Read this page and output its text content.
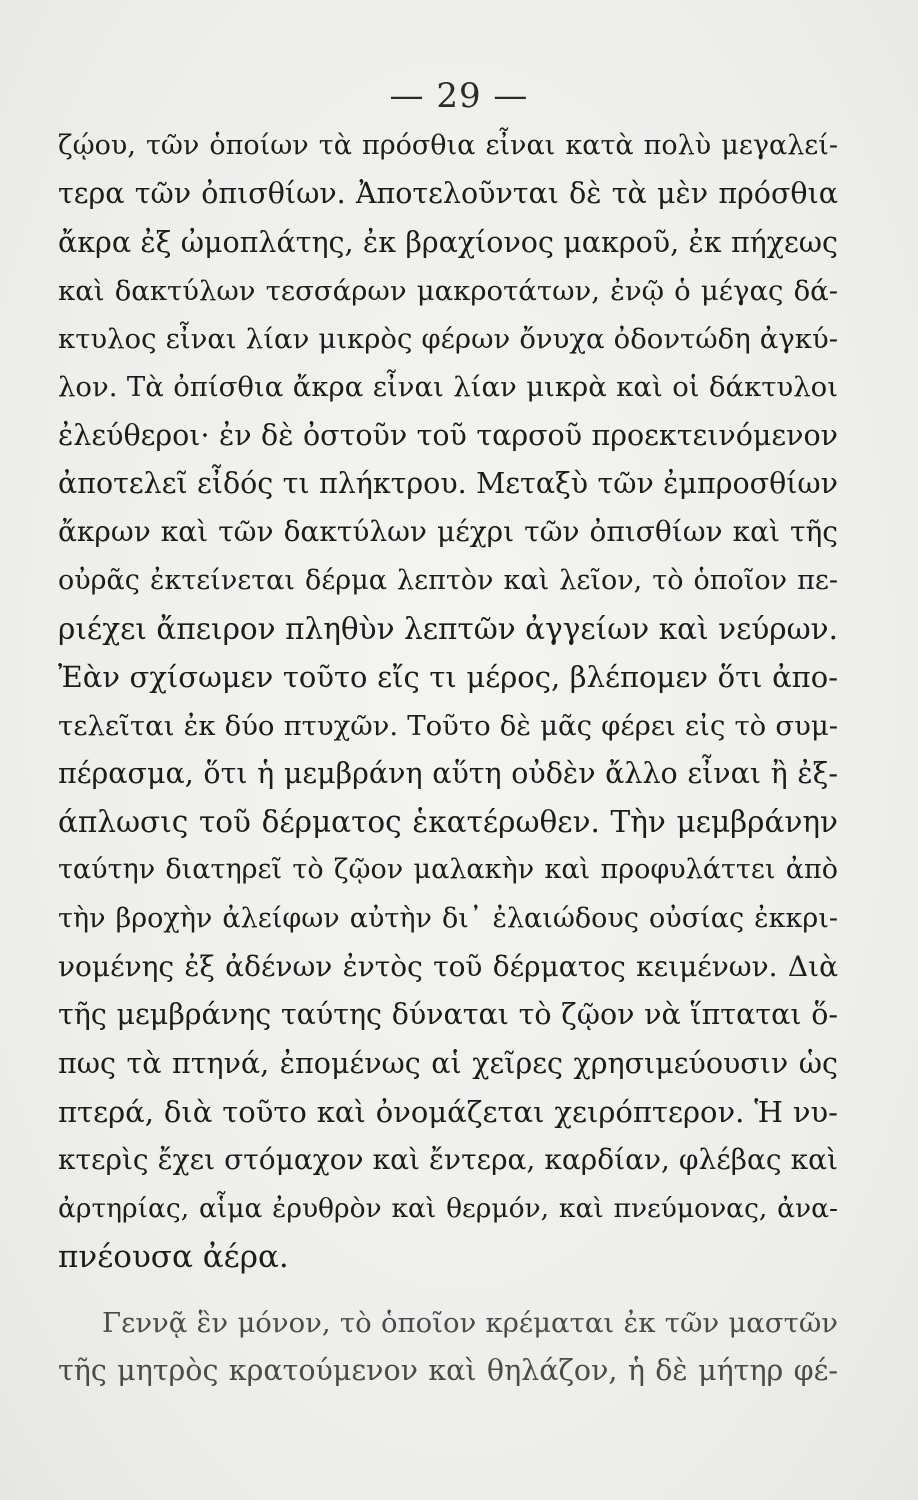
— 29 —
ζῴου, τῶν ὁποίων τὰ πρόσθια εἶναι κατὰ πολὺ μεγαλεί-
τερα τῶν ὀπισθίων. Ἀποτελοῦνται δὲ τὰ μὲν πρόσθια
ἄκρα ἐξ ὠμοπλάτης, ἐκ βραχίονος μακροῦ, ἐκ πήχεως
καὶ δακτύλων τεσσάρων μακροτάτων, ἐνῷ ὁ μέγας δά-
κτυλος εἶναι λίαν μικρὸς φέρων ὄνυχα ὀδοντώδη ἀγκύ-
λον. Τὰ ὀπίσθια ἄκρα εἶναι λίαν μικρὰ καὶ οἱ δάκτυλοι
ἐλεύθεροι· ἐν δὲ ὀστοῦν τοῦ ταρσοῦ προεκτεινόμενον
ἀποτελεῖ εἶδός τι πλήκτρου. Μεταξὺ τῶν ἐμπροσθίων
ἄκρων καὶ τῶν δακτύλων μέχρι τῶν ὀπισθίων καὶ τῆς
οὐρᾶς ἐκτείνεται δέρμα λεπτὸν καὶ λεῖον, τὸ ὁποῖον πε-
ριέχει ἄπειρον πληθὺν λεπτῶν ἀγγείων καὶ νεύρων.
Ἐὰν σχίσωμεν τοῦτο εἴς τι μέρος, βλέπομεν ὅτι ἀπο-
τελεῖται ἐκ δύο πτυχῶν. Τοῦτο δὲ μᾶς φέρει εἰς τὸ συμ-
πέρασμα, ὅτι ἡ μεμβράνη αὕτη οὐδὲν ἄλλο εἶναι ἢ ἐξ-
άπλωσις τοῦ δέρματος ἑκατέρωθεν. Τὴν μεμβράνην
ταύτην διατηρεῖ τὸ ζῷον μαλακὴν καὶ προφυλάττει ἀπὸ
τὴν βροχὴν ἀλείφων αὐτὴν δι᾽ ἐλαιώδους οὐσίας ἐκκρι-
νομένης ἐξ ἀδένων ἐντὸς τοῦ δέρματος κειμένων. Διὰ
τῆς μεμβράνης ταύτης δύναται τὸ ζῷον νὰ ἵπταται ὅ-
πως τὰ πτηνά, ἐπομένως αἱ χεῖρες χρησιμεύουσιν ὡς
πτερά, διὰ τοῦτο καὶ ὀνομάζεται χειρόπτερον. Ἡ νυ-
κτερὶς ἔχει στόμαχον καὶ ἔντερα, καρδίαν, φλέβας καὶ
ἀρτηρίας, αἷμα ἐρυθρὸν καὶ θερμόν, καὶ πνεύμονας, ἀνα-
πνέουσα ἀέρα.
Γεννᾷ ἓν μόνον, τὸ ὁποῖον κρέμαται ἐκ τῶν μαστῶν
τῆς μητρὸς κρατούμενον καὶ θηλάζον, ἡ δὲ μήτηρ φέ-
